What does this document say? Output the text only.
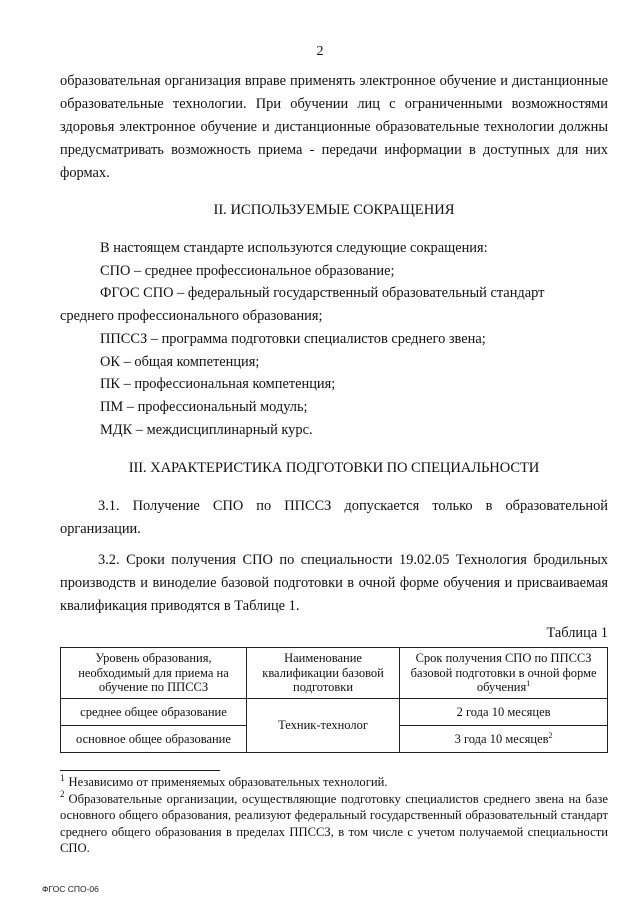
2

образовательная организация вправе применять электронное обучение и дистанционные образовательные технологии. При обучении лиц с ограниченными возможностями здоровья электронное обучение и дистанционные образовательные технологии должны предусматривать возможность приема - передачи информации в доступных для них формах.

II. ИСПОЛЬЗУЕМЫЕ СОКРАЩЕНИЯ

В настоящем стандарте используются следующие сокращения:

СПО – среднее профессиональное образование;

ФГОС СПО – федеральный государственный образовательный стандарт

среднего профессионального образования;

ППССЗ – программа подготовки специалистов среднего звена;

ОК – общая компетенция;

ПК – профессиональная компетенция;

ПМ – профессиональный модуль;

МДК – междисциплинарный курс.

III. ХАРАКТЕРИСТИКА ПОДГОТОВКИ ПО СПЕЦИАЛЬНОСТИ

3.1. Получение СПО по ППССЗ допускается только в образовательной организации.

3.2. Сроки получения СПО по специальности 19.02.05 Технология бродильных производств и виноделие базовой подготовки в очной форме обучения и присваиваемая квалификация приводятся в Таблице 1.

Таблица 1

Уровень образования, необходимый для приема на обучение по ППССЗ	Наименование квалификации базовой подготовки	Срок получения СПО по ППССЗ базовой подготовки в очной форме обучения$^1$
среднее общее образование	Техник-технолог	2 года 10 месяцев
основное общее образование		3 года 10 месяцев$^2$

$^1$ Независимо от применяемых образовательных технологий.

$^2$ Образовательные организации, осуществляющие подготовку специалистов среднего звена на базе основного общего образования, реализуют федеральный государственный образовательный стандарт среднего общего образования в пределах ППССЗ, в том числе с учетом получаемой специальности СПО.

ФГОС СПО-06
